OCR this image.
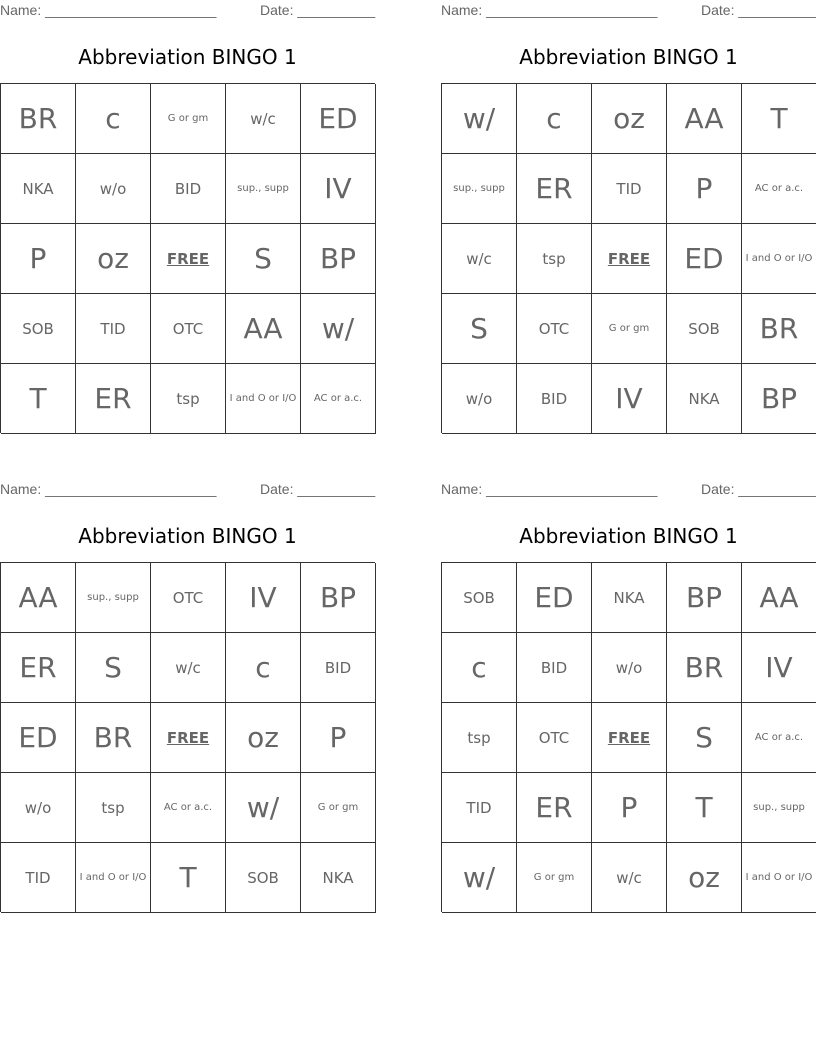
Name: ______________________	Date: __________
Abbreviation BINGO 1
BR	c	G or gm	w/c	ED
NKA	w/o	BID	sup., supp	IV
P	oz	FREE	S	BP
SOB	TID	OTC	AA	w/
T	ER	tsp	I and O or I/O	AC or a.c.
Name: ______________________	Date: __________
Abbreviation BINGO 1
w/	c	oz	AA	T
sup., supp	ER	TID	P	AC or a.c.
w/c	tsp	FREE	ED	I and O or I/O
S	OTC	G or gm	SOB	BR
w/o	BID	IV	NKA	BP
Name: ______________________	Date: __________
Abbreviation BINGO 1
AA	sup., supp	OTC	IV	BP
ER	S	w/c	c	BID
ED	BR	FREE	oz	P
w/o	tsp	AC or a.c.	w/	G or gm
TID	I and O or I/O	T	SOB	NKA
Name: ______________________	Date: __________
Abbreviation BINGO 1
SOB	ED	NKA	BP	AA
c	BID	w/o	BR	IV
tsp	OTC	FREE	S	AC or a.c.
TID	ER	P	T	sup., supp
w/	G or gm	w/c	oz	I and O or I/O
